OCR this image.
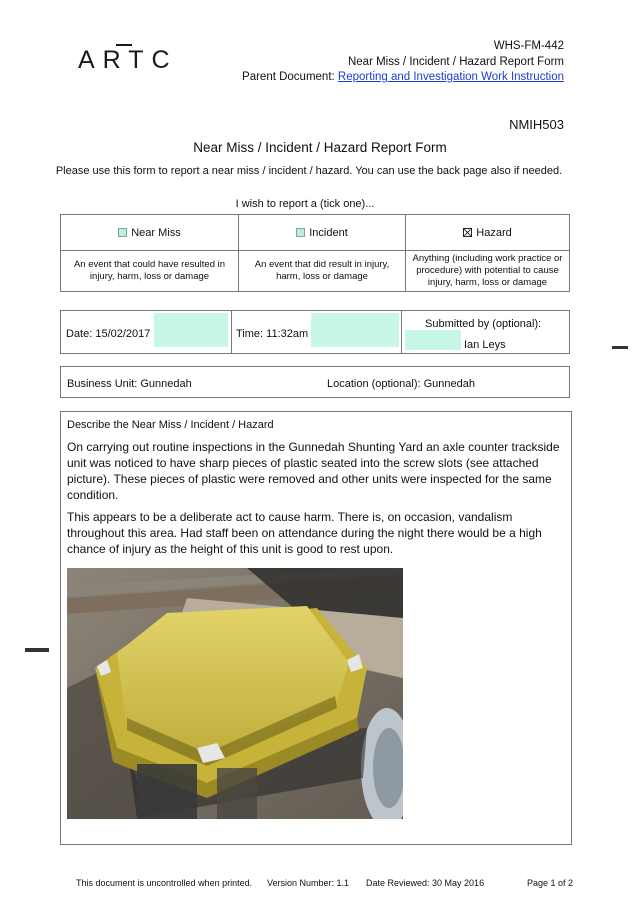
ARTC	WHS-FM-442
Near Miss / Incident / Hazard Report Form
Parent Document: Reporting and Investigation Work Instruction
NMIH503
Near Miss / Incident / Hazard Report Form
Please use this form to report a near miss / incident / hazard. You can use the back page also if needed.
I wish to report a (tick one)...
Near Miss	Incident	Hazard
An event that could have resulted in injury, harm, loss or damage	An event that did result in injury, harm, loss or damage	Anything (including work practice or procedure) with potential to cause injury, harm, loss or damage
Date: 15/02/2017	Time: 11:32am
Submitted by (optional):
Ian Leys
Business Unit: Gunnedah	Location (optional): Gunnedah
Describe the Near Miss / Incident / Hazard

On carrying out routine inspections in the Gunnedah Shunting Yard an axle counter trackside unit was noticed to have sharp pieces of plastic seated into the screw slots (see attached picture). These pieces of plastic were removed and other units were inspected for the same condition.

This appears to be a deliberate act to cause harm. There is, on occasion, vandalism throughout this area. Had staff been on attendance during the night there would be a high chance of injury as the height of this unit is good to rest upon.

This document is uncontrolled when printed. Version Number: 1.1 Date Reviewed: 30 May 2016	Page 1 of 2
